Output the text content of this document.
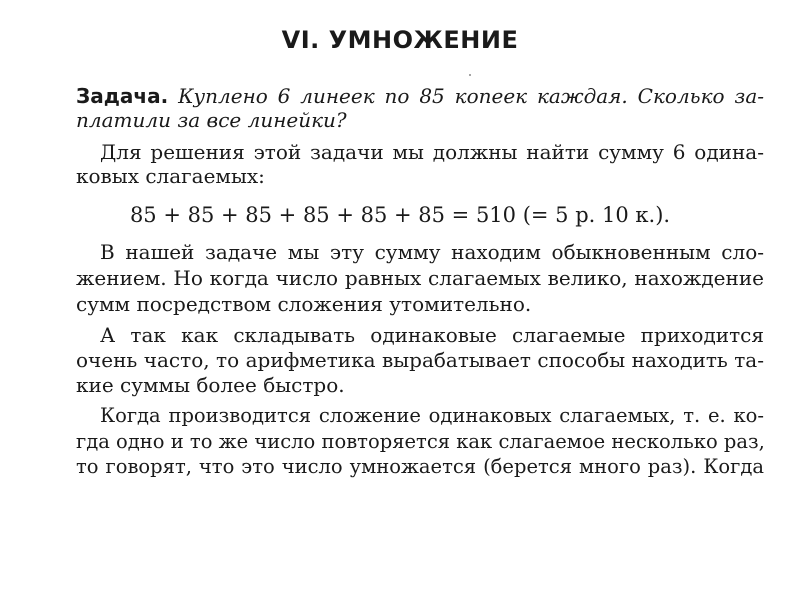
VI. УМНОЖЕНИЕ
Задача. Куплено 6 линеек по 85 копеек каждая. Сколько за-
платили за все линейки?
Для решения этой задачи мы должны найти сумму 6 одина-
ковых слагаемых:
85 + 85 + 85 + 85 + 85 + 85 = 510 (= 5 р. 10 к.).
В нашей задаче мы эту сумму находим обыкновенным сло-
жением. Но когда число равных слагаемых велико, нахождение
сумм посредством сложения утомительно.
А так как складывать одинаковые слагаемые приходится
очень часто, то арифметика вырабатывает способы находить та-
кие суммы более быстро.
Когда производится сложение одинаковых слагаемых, т. е. ко-
гда одно и то же число повторяется как слагаемое несколько раз,
то говорят, что это число умножается (берется много раз). Когда
